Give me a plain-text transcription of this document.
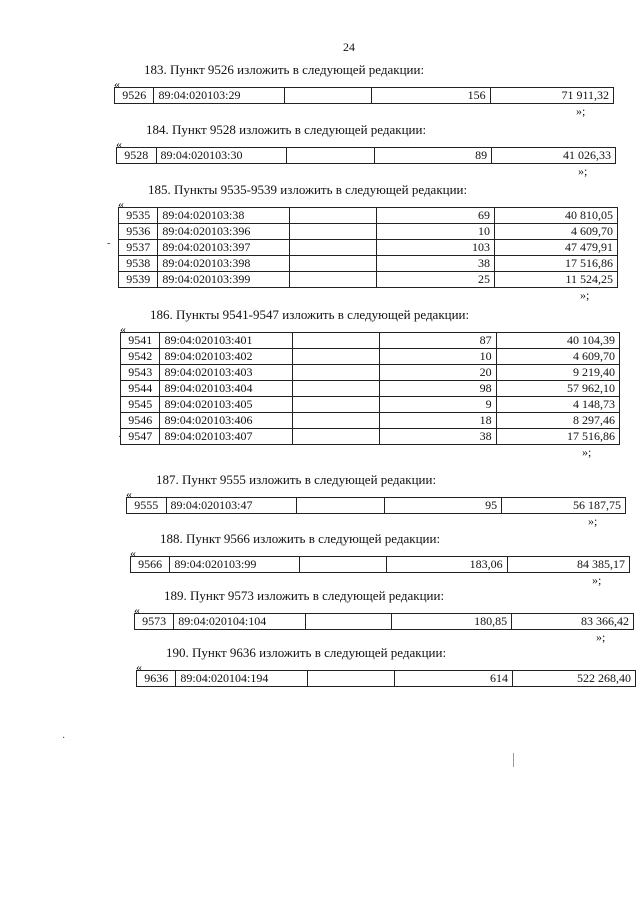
24
183. Пункт 9526 изложить в следующей редакции:
«
9526	89:04:020103:29		156	71 911,32
»;
184. Пункт 9528 изложить в следующей редакции:
«
9528	89:04:020103:30		89	41 026,33
»;
185. Пункты 9535-9539 изложить в следующей редакции:
«
9535	89:04:020103:38		69	40 810,05
9536	89:04:020103:396		10	4 609,70
9537	89:04:020103:397		103	47 479,91
9538	89:04:020103:398		38	17 516,86
9539	89:04:020103:399		25	11 524,25
»;
186. Пункты 9541-9547 изложить в следующей редакции:
«
9541	89:04:020103:401		87	40 104,39
9542	89:04:020103:402		10	4 609,70
9543	89:04:020103:403		20	9 219,40
9544	89:04:020103:404		98	57 962,10
9545	89:04:020103:405		9	4 148,73
9546	89:04:020103:406		18	8 297,46
9547	89:04:020103:407		38	17 516,86
»;
187. Пункт 9555 изложить в следующей редакции:
«
9555	89:04:020103:47		95	56 187,75
»;
188. Пункт 9566 изложить в следующей редакции:
«
9566	89:04:020103:99		183,06	84 385,17
»;
189. Пункт 9573 изложить в следующей редакции:
«
9573	89:04:020104:104		180,85	83 366,42
»;
190. Пункт 9636 изложить в следующей редакции:
«
9636	89:04:020104:194		614	522 268,40
‐
·
·
